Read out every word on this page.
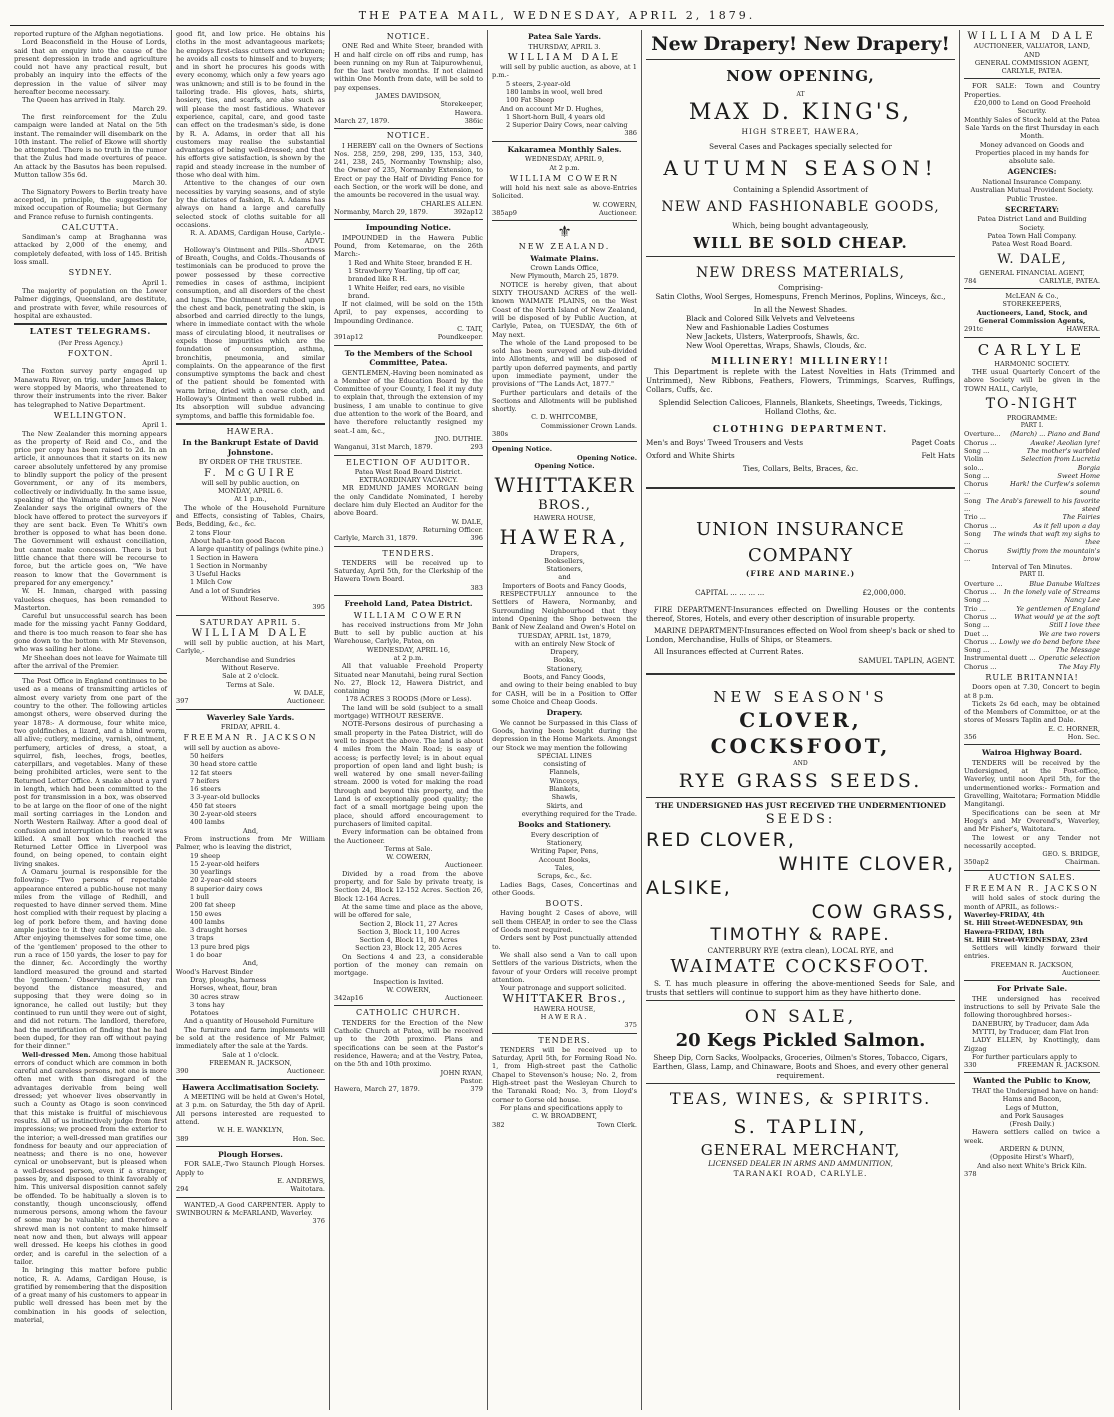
THE PATEA MAIL, WEDNESDAY, APRIL 2, 1879.

reported rupture of the Afghan negotiations.

Lord Beaconsfield in the House of Lords, said that an enquiry into the cause of the present depression in trade and agriculture could not have any practical result, but probably an inquiry into the effects of the depression in the value of silver may hereafter become necessary.

The Queen has arrived in Italy.

March 29.

The first reinforcement for the Zulu campaign were landed at Natal on the 5th instant. The remainder will disembark on the 10th instant. The relief of Ekowe will shortly be attempted. There is no truth in the rumor that the Zulus had made overtures of peace. An attack by the Basutos has been repulsed. Mutton tallow 35s 6d.

March 30.

The Signatory Powers to Berlin treaty have accepted, in principle, the suggestion for mixed occupation of Roumelia; but Germany and France refuse to furnish contingents.

CALCUTTA.

Sandiman's camp at Braghanna was attacked by 2,000 of the enemy, and completely defeated, with loss of 145. British loss small.

SYDNEY.

April 1.

The majority of population on the Lower Palmer diggings, Queensland, are destitute, and prostrate with fever, while resources of hospital are exhausted.

LATEST TELEGRAMS.

(Per Press Agency.)

FOXTON.

April 1.

The Foxton survey party engaged up Manawatu River, on trig. under James Baker, were stopped by Maoris, who threatened to throw their instruments into the river. Baker has telegraphed to Native Department.

WELLINGTON.

April 1.

The New Zealander this morning appears as the property of Reid and Co., and the price per copy has been raised to 2d. In an article, it announces that it starts on its new career absolutely unfettered by any promise to blindly support the policy of the present Government, or any of its members, collectively or individually. In the same issue, speaking of the Waimate difficulty, the New Zealander says the original owners of the block have offered to protect the surveyors if they are sent back. Even Te Whiti's own brother is opposed to what has been done. The Government will exhaust conciliation, but cannot make concession. There is but little chance that there will be recourse to force, but the article goes on, "We have reason to know that the Government is prepared for any emergency."

W. H. Inman, charged with passing valueless cheques, has been remanded to Masterton.

Careful but unsuccessful search has been made for the missing yacht Fanny Goddard, and there is too much reason to fear she has gone down to the bottom with Mr Stevenson, who was sailing her alone.

Mr Sheehan does not leave for Waimate till after the arrival of the Premier.

The Post Office in England continues to be used as a means of transmitting articles of almost every variety from one part of the country to the other. The following articles amongst others, were observed during the year 1878:- A dormouse, four white mice, two goldfinches, a lizard, and a blind worm, all alive; cutlery, medicine, varnish, ointment, perfumery, articles of dress, a stoat, a squirrel, fish, leeches, frogs, beetles, caterpillars, and vegetables. Many of these being prohibited articles, were sent to the Returned Letter Office. A snake about a yard in length, which had been committed to the post for transmission in a box, was observed to be at large on the floor of one of the night mail sorting carriages in the London and North Western Railway. After a good deal of confusion and interruption to the work it was killed. A small box which reached the Returned Letter Office in Liverpool was found, on being opened, to contain eight living snakes.

A Oamaru journal is responsible for the following:- "Two persons of repectable appearance entered a public-house not many miles from the village of Redhill, and requested to have dinner served them. Mine host complied with their request by placing a leg of pork before them, and having done ample justice to it they called for some ale. After enjoying themselves for some time, one of the 'gentlemen' proposed to the other to run a race of 150 yards, the loser to pay for the dinner, &c. Accordingly the worthy landlord measured the ground and started the 'gentlemen.' Observing that they ran beyond the distance measured, and supposing that they were doing so in ignorance, he called out lustily; but they continued to run until they were out of sight, and did not return. The landlord, therefore, had the mortification of finding that he had been duped, for they ran off without paying for their dinner."

Well-dressed Men. Among those habitual errors of conduct which are common in both careful and careless persons, not one is more often met with than disregard of the advantages derivable from being well dressed; yet whoever lives observantly in such a County as Otago is soon convinced that this mistake is fruitful of mischievous results. All of us instinctively judge from first impressions; we proceed from the exterior to the interior; a well-dressed man gratifies our fondness for beauty and our appreciation of neatness; and there is no one, however cynical or unobservant, but is pleased when a well-dressed person, even if a stranger, passes by, and disposed to think favorably of him. This universal disposition cannot safely be offended. To be habitually a sloven is to constantly, though unconsciously, offend numerous persons, among whom the favour of some may be valuable; and therefore a shrewd man is not content to make himself neat now and then, but always will appear well dressed. He keeps his clothes in good order, and is careful in the selection of a tailor.

In bringing this matter before public notice, R. A. Adams, Cardigan House, is gratified by remembering that the disposition of a great many of his customers to appear in public well dressed has been met by the combination in his goods of selection, material,

good fit, and low price. He obtains his cloths in the most advantageous markets; he employs first-class cutters and workmen; he avoids all costs to himself and to buyers; and in short he procures his goods with every economy, which only a few years ago was unknown; and still is to be found in the tailoring trade. His gloves, hats, shirts, hosiery, ties, and scarfs, are also such as will please the most fastidious. Whatever experience, capital, care, and good taste can effect on the tradesman's side, is done by R. A. Adams, in order that all his customers may realise the substantial advantages of being well-dressed; and that his efforts give satisfaction, is shown by the rapid and steady increase in the number of those who deal with him.

Attentive to the changes of our own necessities by varying seasons, and of style by the dictates of fashion, R. A. Adams has always on hand a large and carefully selected stock of cloths suitable for all occasions.

R. A. ADAMS, Cardigan House, Carlyle.-ADVT.

Holloway's Ointment and Pills.-Shortness of Breath, Coughs, and Colds.-Thousands of testimonials can be produced to prove the power possessed by these corrective remedies in cases of asthma, incipient consumption, and all disorders of the chest and lungs. The Ointment well rubbed upon the chest and back, penetrating the skin, is absorbed and carried directly to the lungs, where in immediate contact with the whole mass of circulating blood, it neutralises or expels those impurities which are the foundation of consumption, asthma, bronchitis, pneumonia, and similar complaints. On the appearance of the first consumptive symptoms the back and chest of the patient should be fomented with warm brine, dried with a coarse cloth, and Holloway's Ointment then well rubbed in. Its absorption will subdue advancing symptoms, and baffle this formidable foe.

HAWERA.
In the Bankrupt Estate of David Johnstone.

BY ORDER OF THE TRUSTEE.

F. McGUIRE

will sell by public auction, on

MONDAY, APRIL 6.

At 1 p.m.,

The whole of the Household Furniture and Effects, consisting of Tables, Chairs, Beds, Bedding, &c., &c.

2 tons Flour
About half-a-ton good Bacon
A large quantity of palings (white pine.)
1 Section in Hawera
1 Section in Normanby
3 Useful Hacks
1 Milch Cow
And a lot of Sundries

Without Reserve.

395

SATURDAY APRIL 5.
WILLIAM DALE

will sell by public auction, at his Mart, Carlyle,-

Merchandise and Sundries

Without Reserve.

Sale at 2 o'clock.

Terms at Sale.

W. DALE,

397	Auctioneer.
Waverley Sale Yards.

FRIDAY, APRIL 4.

FREEMAN R. JACKSON

will sell by auction as above-

50 heifers
30 head store cattle
12 fat steers
7 heifers
16 steers
3 3-year-old bullocks
450 fat steers
30 2-year-old steers
400 lambs

And,

From instructions from Mr William Palmer, who is leaving the district,

19 sheep
15 2-year-old heifers
30 yearlings
20 2-year-old steers
8 superior dairy cows
1 bull
200 fat sheep
150 ewes
400 lambs
3 draught horses
3 traps
13 pure bred pigs
1 do boar

And,

Wood's Harvest Binder

Dray, ploughs, harness
Horses, wheat, flour, bran
30 acres straw
3 tons hay
Potatoes

And a quantity of Household Furniture

The furniture and farm implements will be sold at the residence of Mr Palmer, immediately after the sale at the Yards.

Sale at 1 o'clock.

FREEMAN R. JACKSON,

390	Auctioneer.
Hawera Acclimatisation Society.

A MEETING will be held at Gwen's Hotel, at 3 p.m. on Saturday, the 5th day of April. All persons interested are requested to attend.

W. H. E. WANKLYN,

389	Hon. Sec.
Plough Horses.

FOR SALE,-Two Staunch Plough Horses. Apply to

E. ANDREWS,

294	Waitotara.

WANTED,-A Good CARPENTER. Apply to SWINBOURN & McFARLAND, Waverley.

376

NOTICE.

ONE Red and White Steer, branded with H and half circle on off ribs and rump, has been running on my Run at Taipurowhenui, for the last twelve months. If not claimed within One Month from date, will be sold to pay expenses.

JAMES DAVIDSON,

Storekeeper,

Hawera.

March 27, 1879.	386ic
NOTICE.

I HEREBY call on the Owners of Sections Nos. 258, 259, 298, 299, 135, 153, 340, 241, 238, 245, Normanby Township; also, the Owner of 235, Normanby Extension, to Erect or pay the Half of Dividing Fence for each Section, or the work will be done, and the amounts be recovered in the usual way.

CHARLES ALLEN.

Normanby, March 29, 1879.	392ap12
Impounding Notice.

IMPOUNDED in the Hawera Public Pound, from Ketemarae, on the 26th March:-

1 Red and White Steer, branded E H.
1 Strawberry Yearling, tip off car, branded like R H.
1 White Heifer, red ears, no visible brand.

If not claimed, will be sold on the 15th April, to pay expenses, according to Impounding Ordinance.

C. TAIT,

391ap12	Poundkeeper.
To the Members of the School Committee, Patea.

GENTLEMEN,-Having been nominated as a Member of the Education Board by the Committee of your County, I feel it my duty to explain that, through the extension of my business, I am unable to continue to give due attention to the work of the Board, and have therefore reluctantly resigned my seat.-I am, &c.,

JNO. DUTHIE.

Wanganui, 31st March, 1879.	293
ELECTION OF AUDITOR.

Patea West Road Board District.

EXTRAORDINARY VACANCY.

MR EDMUND JAMES MORGAN being the only Candidate Nominated, I hereby declare him duly Elected an Auditor for the above Board.

W. DALE,

Returning Officer.

Carlyle, March 31, 1879.	396
TENDERS.

TENDERS will be received up to Saturday, April 5th, for the Clerkship of the Hawera Town Board.

383

Freehold Land, Patea District.
WILLIAM COWERN

has received instructions from Mr John Butt to sell by public auction at his Warehouse, Carlyle, Patea, on

WEDNESDAY, APRIL 16,

at 2 p.m.

All that valuable Freehold Property Situated near Manutahi, being rural Section No. 27, Block 12, Hawera District, and containing

178 ACRES 3 ROODS (More or Less).

The land will be sold (subject to a small mortgage) WITHOUT RESERVE.

NOTE-Persons desirous of purchasing a small property in the Patea District, will do well to inspect the above. The land is about 4 miles from the Main Road; is easy of access; is perfectly level; is in about equal proportion of open land and light bush; is well watered by one small never-failing stream. 2000 is voted for making the road through and beyond this property, and the Land is of exceptionally good quality; the fact of a small mortgage being upon the place, should afford encouragement to purchasers of limited capital.

Every information can be obtained from the Auctioneer.

Terms at Sale.

W. COWERN,

Auctioneer.

Divided by a road from the above property, and for Sale by private treaty, is Section 24, Block 12-152 Acres. Section 26, Block 12-164 Acres.

At the same time and place as the above, will be offered for sale,

Section 2, Block 11, 27 Acres
Section 3, Block 11, 100 Acres
Section 4, Block 11, 80 Acres
Section 23, Block 12, 205 Acres

On Sections 4 and 23, a considerable portion of the money can remain on mortgage.

Inspection is Invited.

W. COWERN,

342ap16	Auctioneer.
CATHOLIC CHURCH.

TENDERS for the Erection of the New Catholic Church at Patea, will be received up to the 20th proximo. Plans and specifications can be seen at the Pastor's residence, Hawera; and at the Vestry, Patea, on the 5th and 10th proximo.

JOHN RYAN,

Pastor.

Hawera, March 27, 1879.	379
Patea Sale Yards.

THURSDAY, APRIL 3.

WILLIAM DALE

will sell by public auction, as above, at 1 p.m.-

5 steers, 2-year-old
180 lambs in wool, well bred
100 Fat Sheep

And on account Mr D. Hughes,

1 Short-horn Bull, 4 years old
2 Superior Dairy Cows, near calving

386

Kakaramea Monthly Sales.

WEDNESDAY, APRIL 9,

At 2 p.m.

WILLIAM COWERN

will hold his next sale as above-Entries Solicited.

W. COWERN,

385ap9	Auctioneer.
⚜
NEW ZEALAND.
Waimate Plains.

Crown Lands Office,

New Plymouth, March 25, 1879.

NOTICE is hereby given, that about SIXTY THOUSAND ACRES of the well-known WAIMATE PLAINS, on the West Coast of the North Island of New Zealand, will be disposed of by Public Auction, at Carlyle, Patea, on TUESDAY, the 6th of May next.

The whole of the Land proposed to be sold has been surveyed and sub-divided into Allotments, and will be disposed of partly upon deferred payments, and partly upon immediate payment, under the provisions of "The Lands Act, 1877."

Further particulars and details of the Sections and Allotments will be published shortly.

C. D. WHITCOMBE,

Commissioner Crown Lands.

380s

Opening Notice.

Opening Notice.

Opening Notice.

WHITTAKER
BROS.,

HAWERA HOUSE,

HAWERA,
Drapers,
Booksellers,
Stationers,
and

Importers of Boots and Fancy Goods,

RESPECTFULLY announce to the Settlers of Hawera, Normanby, and Surrounding Neighbourhood that they intend Opening the Shop between the Bank of New Zealand and Owen's Hotel on

TUESDAY, APRIL 1st, 1879,

with an entirely New Stock of

Drapery,
Books,
Stationery,
Boots, and Fancy Goods,

and owing to their being enabled to buy for CASH, will be in a Position to Offer some Choice and Cheap Goods.

Drapery.

We cannot be Surpassed in this Class of Goods, having been bought during the depression in the Home Markets. Amongst our Stock we may mention the following

SPECIAL LINES

consisting of

Flannels,
Winceys,
Blankets,
Shawls,
Skirts, and

everything required for the Trade.

Books and Stationery.

Every description of

Stationery,
Writing Paper, Pens,
Account Books,
Tales,
Scraps, &c., &c.

Ladies Bags, Cases, Concertinas and other Goods.

BOOTS.

Having bought 2 Cases of above, will sell them CHEAP, in order to see the Class of Goods most required.

Orders sent by Post punctually attended to.

We shall also send a Van to call upon Settlers of the various Districts, when the favour of your Orders will receive prompt attention.

Your patronage and support solicited.

WHITTAKER Bros.,

HAWERA HOUSE,

HAWERA.

375

TENDERS.

TENDERS will be received up to Saturday, April 5th, for Forming Road No. 1, from High-street past the Catholic Chapel to Stevenson's house; No. 2, from High-street past the Wesleyan Church to the Taranaki Road; No. 3, from Lloyd's corner to Gorse old house.

For plans and specifications apply to

C. W. BROADBENT,

382	Town Clerk.
New Drapery! New Drapery!
NOW OPENING,
AT
MAX D. KING'S,
HIGH STREET, HAWERA,
Several Cases and Packages specially selected for
AUTUMN SEASON!
Containing a Splendid Assortment of
NEW AND FASHIONABLE GOODS,
Which, being bought advantageously,
WILL BE SOLD CHEAP.
NEW DRESS MATERIALS,
Comprising-
Satin Cloths, Wool Serges, Homespuns, French Merinos, Poplins, Winceys, &c.,
In all the Newest Shades.
Black and Colored Silk Velvets and Velveteens
New and Fashionable Ladies Costumes
New Jackets, Ulsters, Waterproofs, Shawls, &c.
New Wool Operettas, Wraps, Shawls, Clouds, &c.
MILLINERY! MILLINERY!!

This Department is replete with the Latest Novelties in Hats (Trimmed and Untrimmed), New Ribbons, Feathers, Flowers, Trimmings, Scarves, Ruffings, Collars, Cuffs, &c.

Splendid Selection Calicoes, Flannels, Blankets, Sheetings, Tweeds, Tickings, Holland Cloths, &c.

CLOTHING DEPARTMENT.
Men's and Boys' Tweed Trousers and Vests	Paget Coats
Oxford and White Shirts	Felt Hats
Ties, Collars, Belts, Braces, &c.
UNION INSURANCE COMPANY
(FIRE AND MARINE.)
CAPITAL ... ... ... ...	£2,000,000.

FIRE DEPARTMENT-Insurances effected on Dwelling Houses or the contents thereof, Stores, Hotels, and every other description of insurable property.

MARINE DEPARTMENT-Insurances effected on Wool from sheep's back or shed to London, Merchandise, Hulls of Ships, or Steamers.

All Insurances effected at Current Rates.

SAMUEL TAPLIN, AGENT.

NEW SEASON'S
CLOVER, COCKSFOOT,
AND
RYE GRASS SEEDS.
THE UNDERSIGNED HAS JUST RECEIVED THE UNDERMENTIONED
SEEDS:
RED CLOVER,
WHITE CLOVER,
ALSIKE,
COW GRASS,
TIMOTHY & RAPE.
CANTERBURY RYE (extra clean), LOCAL RYE, and
WAIMATE COCKSFOOT.

S. T. has much pleasure in offering the above-mentioned Seeds for Sale, and trusts that settlers will continue to support him as they have hitherto done.

ON SALE,
20 Kegs Pickled Salmon.

Sheep Dip, Corn Sacks, Woolpacks, Groceries, Oilmen's Stores, Tobacco, Cigars, Earthen, Glass, Lamp, and Chinaware, Boots and Shoes, and every other general requirement.

TEAS, WINES, & SPIRITS.
S. TAPLIN,
GENERAL MERCHANT,
LICENSED DEALER IN ARMS AND AMMUNITION,
TARANAKI ROAD, CARLYLE.
WILLIAM DALE

AUCTIONEER, VALUATOR, LAND,

AND

GENERAL COMMISSION AGENT,

CARLYLE, PATEA.

FOR SALE: Town and Country Properties.

£20,000 to Lend on Good Freehold Security.

Monthly Sales of Stock held at the Patea Sale Yards on the first Thursday in each Month.

Money advanced on Goods and Properties placed in my hands for absolute sale.

AGENCIES:
National Insurance Company.
Australian Mutual Provident Society.
Public Trustee.
SECRETARY:
Patea District Land and Building Society.
Patea Town Hall Company.
Patea West Road Board.
W. DALE,

GENERAL FINANCIAL AGENT,

784	CARLYLE, PATEA.

McLEAN & Co.,

STOREKEEPERS,

Auctioneers, Land, Stock, and General Commission Agents,

291tc	HAWERA.
CARLYLE

HARMONIC SOCIETY.

THE usual Quarterly Concert of the above Society will be given in the TOWN HALL, Carlyle,

TO-NIGHT

PROGRAMME:

PART I.

Overture... (March) ... Piano and Band
Chorus ...	Awake! Aeolian lyre!
Song ...	The mother's warbled
Violin solo...
Selection from Lucretia Borgia
Song ...	Sweet Home
Chorus ...
Hark! the Curfew's solemn sound
Song ...
The Arab's farewell to his favorite steed
Trio ...	The Fairies
Chorus ...	As it fell upon a day
Song ...
The winds that waft my sighs to thee
Chorus ...
Swiftly from the mountain's brow

Interval of Ten Minutes.

PART II.

Overture ...	Blue Danube Waltzes
Chorus ... In the lonely vale of Streams
Song ...	Nancy Lee
Trio ...	Ye gentlemen of England
Chorus ...	What would ye at the soft
Song ...	Still I love thee
Duet ...	We are two rovers
Chorus ... Lowly we do bend before thee
Song ...	The Message
Instrumental duett ... Operatic selection
Chorus ...	The May Fly
RULE BRITANNIA!

Doors open at 7.30, Concert to begin at 8 p.m.

Tickets 2s 6d each, may be obtained of the Members of Committee, or at the stores of Messrs Taplin and Dale.

E. C. HORNER,

356	Hon. Sec.
Wairoa Highway Board.

TENDERS will be received by the Undersigned, at the Post-office, Waverley, until noon April 5th, for the undermentioned works:- Formation and Gravelling, Waitotara; Formation Middle Mangitangi.

Specifications can be seen at Mr Hogg's and Mr Overend's, Waverley, and Mr Fisher's, Waitotara.

The lowest or any Tender not necessarily accepted.

GEO. S. BRIDGE,

350ap2	Chairman.
AUCTION SALES.
FREEMAN R. JACKSON

will hold sales of stock during the month of APRIL, as follows:-

Waverley-FRIDAY, 4th

St. Hill Street-WEDNESDAY, 9th

Hawera-FRIDAY, 18th

St. Hill Street-WEDNESDAY, 23rd

Settlers will kindly forward their entries.

FREEMAN R. JACKSON,

Auctioneer.

For Private Sale.

THE undersigned has received instructions to sell by Private Sale the following thoroughbred horses:-

DANEBURY, by Traducer, dam Ada

MYTTI, by Traducer, dam Flat Iron

LADY ELLEN, by Knottingly, dam Zigzag

For further particulars apply to

330	FREEMAN R. JACKSON.
Wanted the Public to Know,

THAT the Undersigned have on hand:

Hams and Bacon,
Legs of Mutton,
and Pork Sausages
(Fresh Daily.)

Hawera settlers called on twice a week.

ARDERN & DUNN,

(Opposite Hirst's Wharf),

And also next White's Brick Kiln.

378
